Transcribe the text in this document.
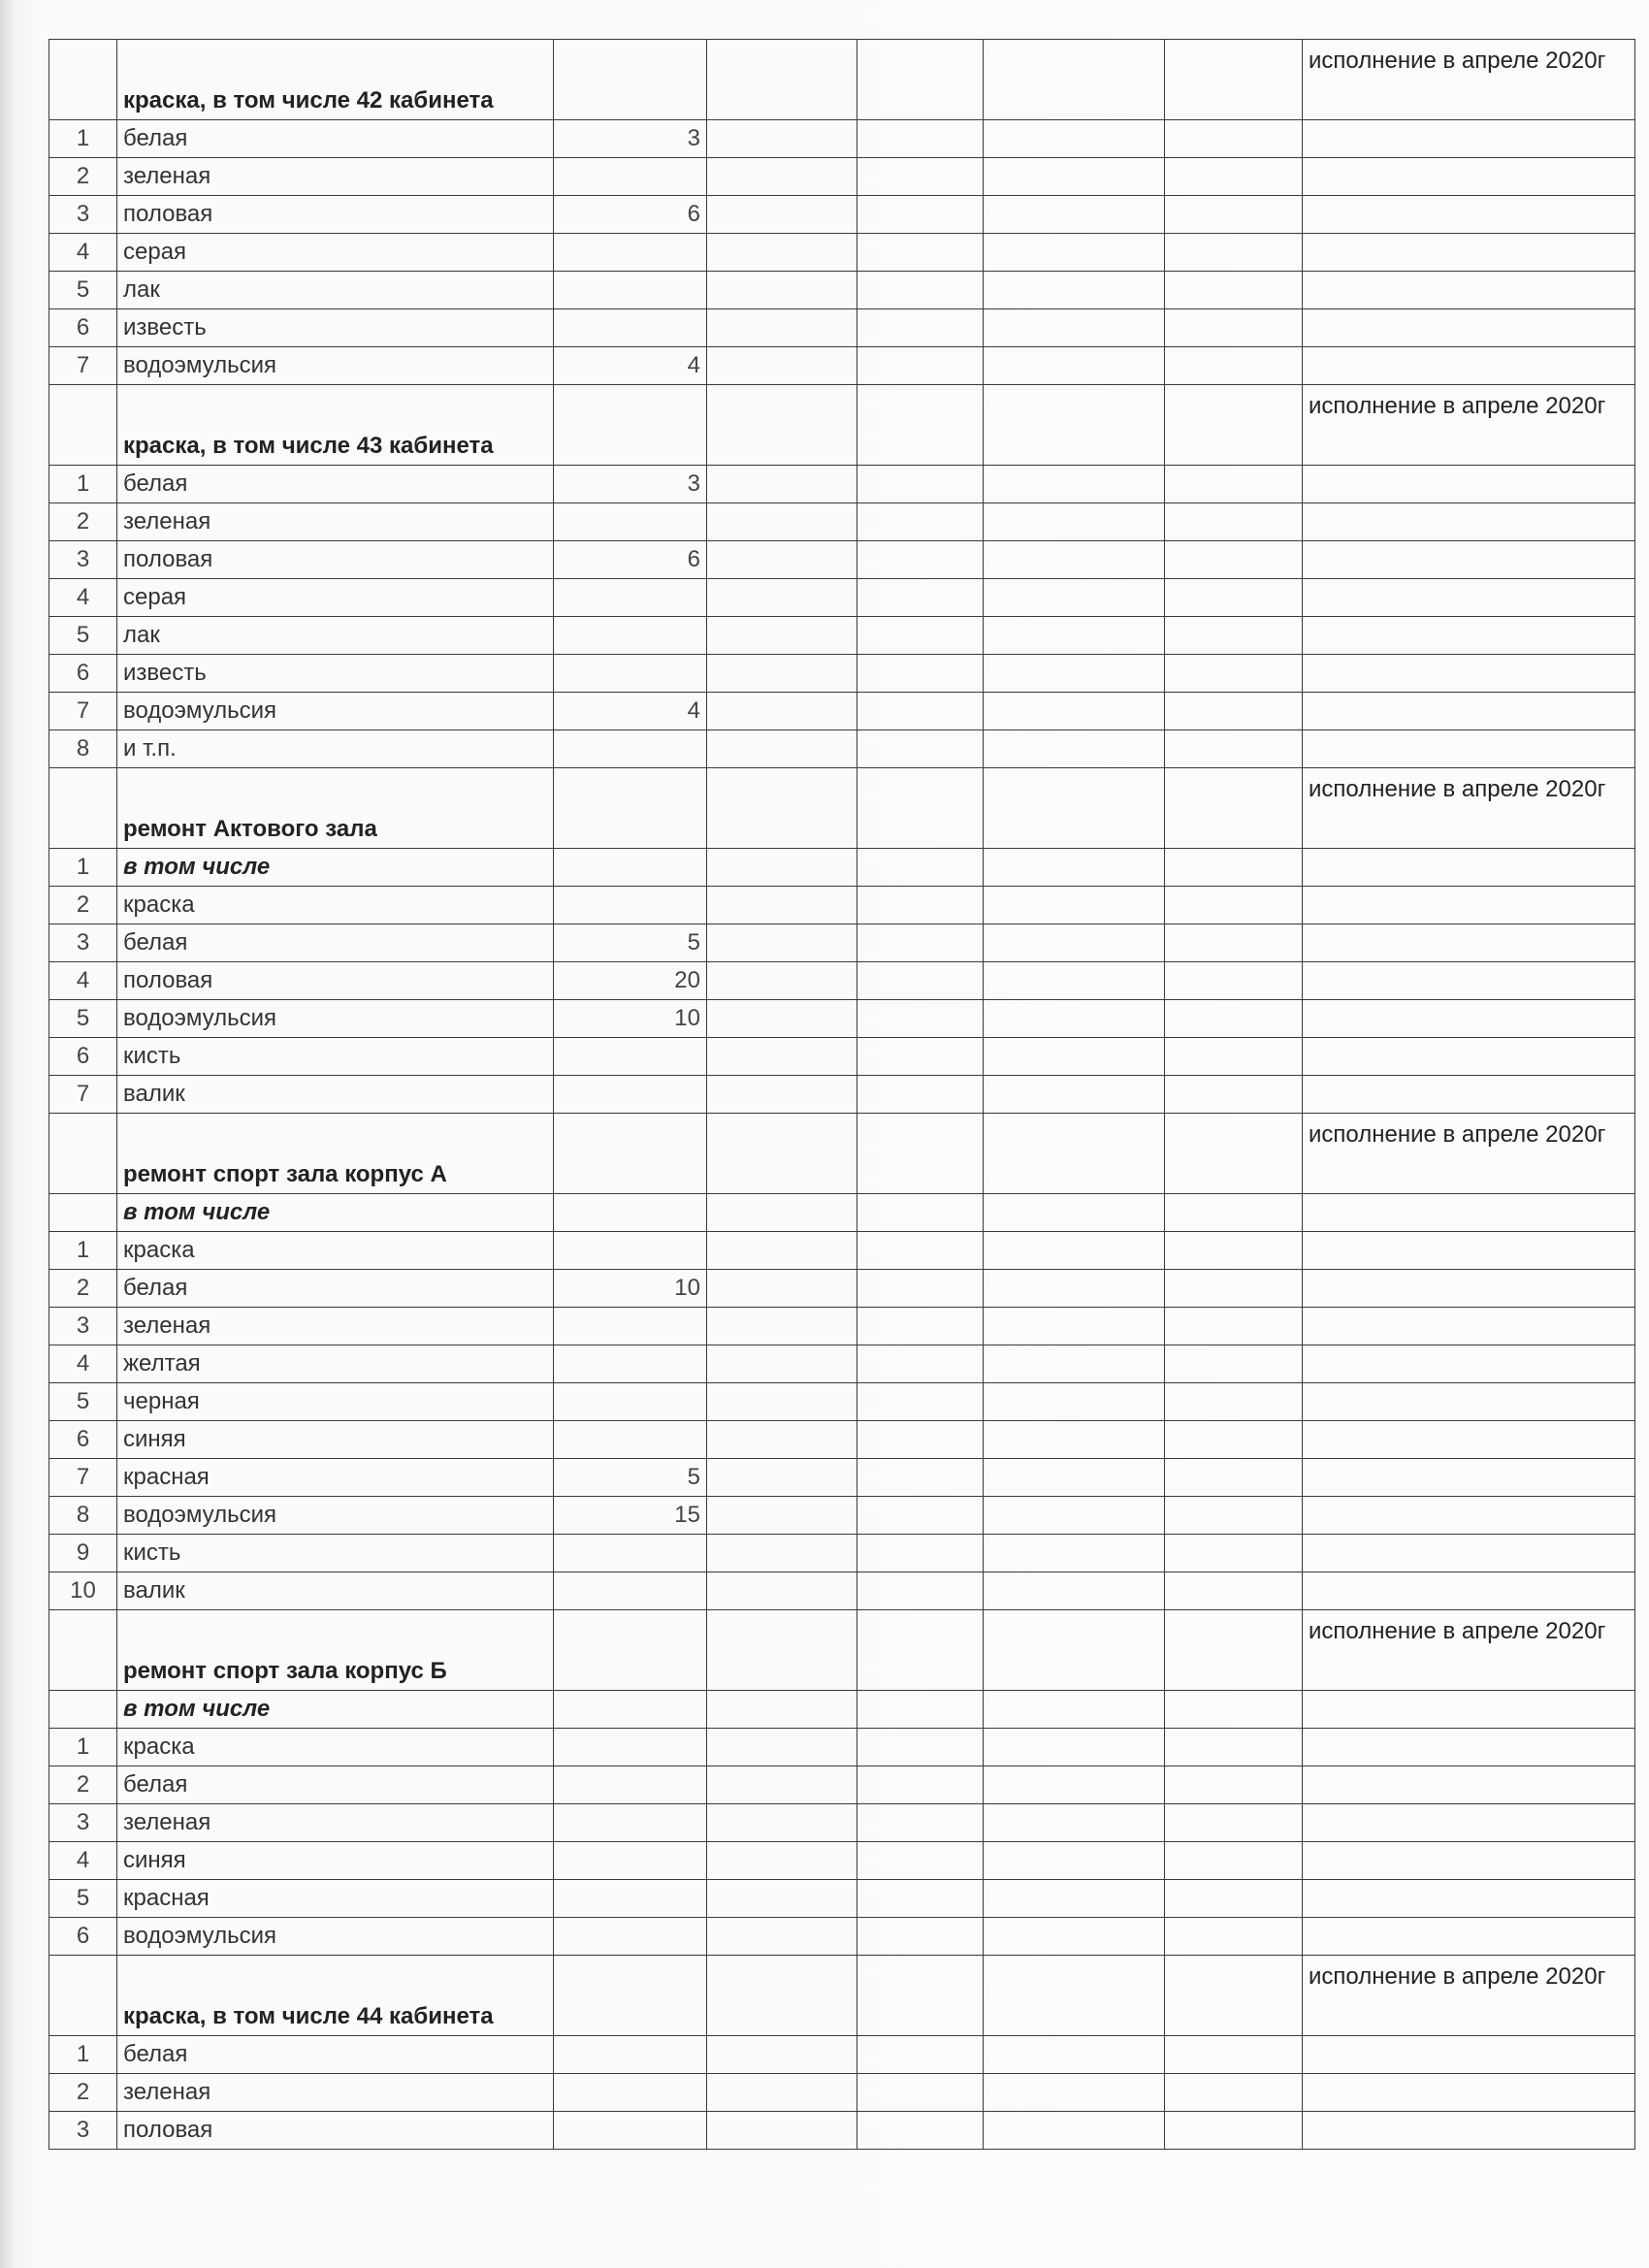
	краска, в том числе 42 кабинета						исполнение в апреле 2020г
1	белая	3					
2	зеленая						
3	половая	6					
4	серая						
5	лак						
6	известь						
7	водоэмульсия	4					
	краска, в том числе 43 кабинета						исполнение в апреле 2020г
1	белая	3					
2	зеленая						
3	половая	6					
4	серая						
5	лак						
6	известь						
7	водоэмульсия	4					
8	и т.п.						
	ремонт Актового зала						исполнение в апреле 2020г
1	в том числе						
2	краска						
3	белая	5					
4	половая	20					
5	водоэмульсия	10					
6	кисть						
7	валик						
	ремонт спорт зала корпус А						исполнение в апреле 2020г
	в том числе						
1	краска						
2	белая	10					
3	зеленая						
4	желтая						
5	черная						
6	синяя						
7	красная	5					
8	водоэмульсия	15					
9	кисть						
10	валик						
	ремонт спорт зала корпус Б						исполнение в апреле 2020г
	в том числе						
1	краска						
2	белая						
3	зеленая						
4	синяя						
5	красная						
6	водоэмульсия						
	краска, в том числе 44 кабинета						исполнение в апреле 2020г
1	белая						
2	зеленая						
3	половая						
